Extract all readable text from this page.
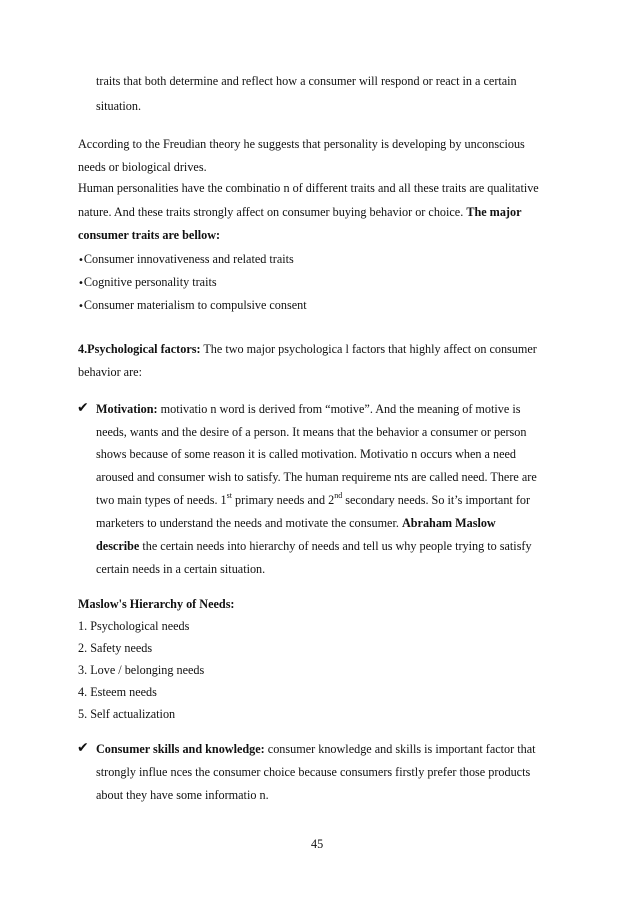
traits that both determine and reflect how a consumer will respond or react in a certain
situation.
According to the Freudian theory he suggests that personality is developing by unconscious
needs or biological drives.
Human personalities have the combinatio n of different traits and all these traits are qualitative
nature. And these traits strongly affect on consumer buying behavior or choice. The major
consumer traits are bellow:
•Consumer innovativeness and related traits
•Cognitive personality traits
•Consumer materialism to compulsive consent
4.Psychological factors: The two major psychologica l factors that highly affect on consumer
behavior are:
✔ Motivation: motivatio n word is derived from “motive”. And the meaning of motive is
needs, wants and the desire of a person. It means that the behavior a consumer or person
shows because of some reason it is called motivation. Motivatio n occurs when a need
aroused and consumer wish to satisfy. The human requireme nts are called need. There are
two main types of needs. 1st primary needs and 2nd secondary needs. So it’s important for
marketers to understand the needs and motivate the consumer. Abraham Maslow
describe the certain needs into hierarchy of needs and tell us why people trying to satisfy
certain needs in a certain situation.
Maslow's Hierarchy of Needs:
1. Psychological needs
2. Safety needs
3. Love / belonging needs
4. Esteem needs
5. Self actualization
✔ Consumer skills and knowledge: consumer knowledge and skills is important factor that
strongly influe nces the consumer choice because consumers firstly prefer those products
about they have some informatio n.
45
